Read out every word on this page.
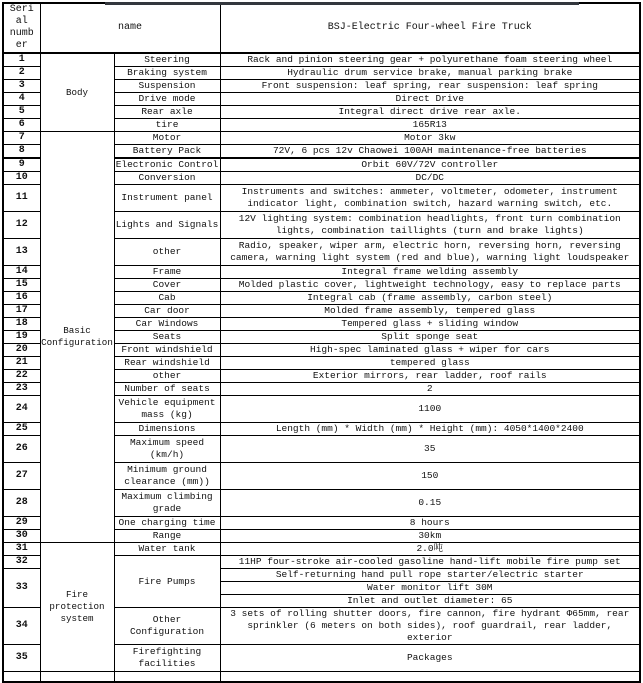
Serial number	name		BSJ-Electric Four-wheel Fire Truck
1	Body	Steering	Rack and pinion steering gear + polyurethane foam steering wheel
2		Braking system	Hydraulic drum service brake, manual parking brake
3		Suspension	Front suspension: leaf spring, rear suspension: leaf spring
4		Drive mode	Direct Drive
5		Rear axle	Integral direct drive rear axle.
6		tire	165R13
7	Basic Configuration	Motor	Motor 3kw
8		Battery Pack	72V, 6 pcs 12v Chaowei 100AH maintenance-free batteries
9		Electronic Control	Orbit 60V/72V controller
10		Conversion	DC/DC
11		Instrument panel	Instruments and switches: ammeter, voltmeter, odometer, instrument indicator light, combination switch, hazard warning switch, etc.
12		Lights and Signals	12V lighting system: combination headlights, front turn combination lights, combination taillights (turn and brake lights)
13		other	Radio, speaker, wiper arm, electric horn, reversing horn, reversing camera, warning light system (red and blue), warning light loudspeaker
14		Frame	Integral frame welding assembly
15		Cover	Molded plastic cover, lightweight technology, easy to replace parts
16		Cab	Integral cab (frame assembly, carbon steel)
17		Car door	Molded frame assembly, tempered glass
18		Car Windows	Tempered glass + sliding window
19		Seats	Split sponge seat
20		Front windshield	High-spec laminated glass + wiper for cars
21		Rear windshield	tempered glass
22		other	Exterior mirrors, rear ladder, roof rails
23		Number of seats	2
24		Vehicle equipment mass (kg)	1100
25		Dimensions	Length (mm) * Width (mm) * Height (mm): 4050*1400*2400
26		Maximum speed (km/h)	35
27		Minimum ground clearance (mm))	150
28		Maximum climbing grade	0.15
29		One charging time	8 hours
30		Range	30km
31	Fire protection system	Water tank	2.0吨
32		Fire Pumps	11HP four-stroke air-cooled gasoline hand-lift mobile fire pump set
33			Self-returning hand pull rope starter/electric starter
			Water monitor lift 30M
			Inlet and outlet diameter: 65
34		Other Configuration	3 sets of rolling shutter doors, fire cannon, fire hydrant Φ65mm, rear sprinkler (6 meters on both sides), roof guardrail, rear ladder, exterior
35		Firefighting facilities	Packages
